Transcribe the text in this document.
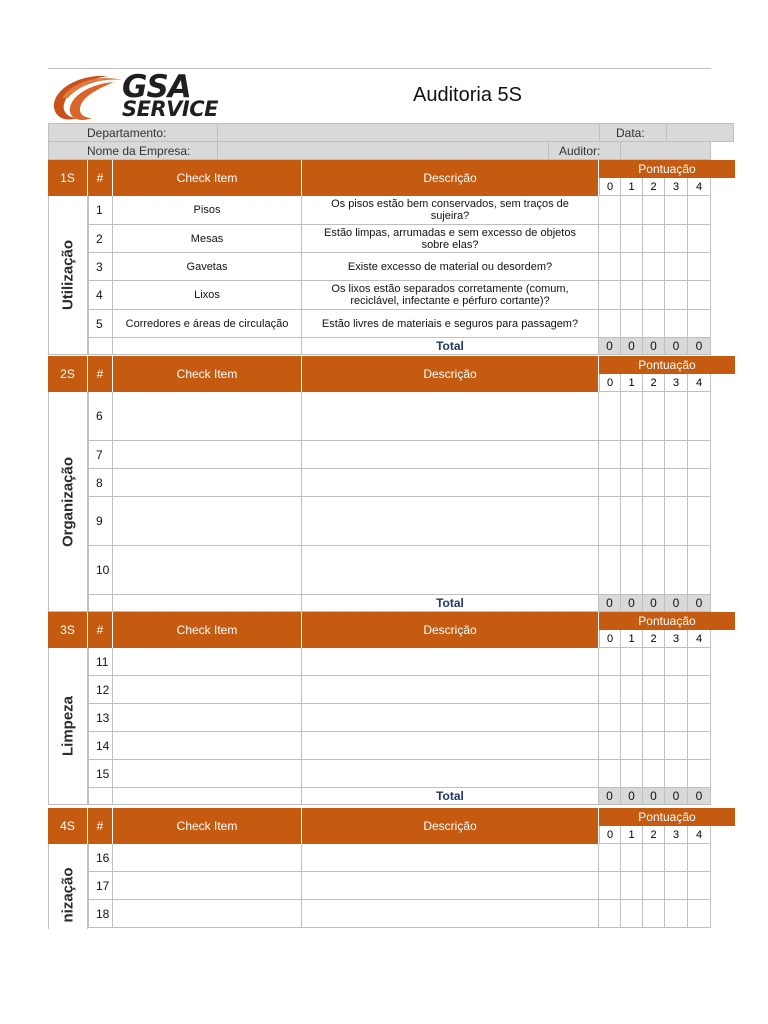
GSA
SERVICE
Auditoria 5S
Departamento:	Data:
Nome da Empresa:	Auditor:
1S	#	Check Item	Descrição
Pontuação
0	1	2	3	4
1	Pisos	Os pisos estão bem conservados, sem traços de sujeira?
2	Mesas	Estão limpas, arrumadas e sem excesso de objetos sobre elas?
3	Gavetas	Existe excesso de material ou desordem?
4	Lixos	Os lixos estão separados corretamente (comum, reciclável, infectante e pérfuro cortante)?
5	Corredores e áreas de circulação	Estão livres de materiais e seguros para passagem?
Total	0	0	0	0	0
Utilização
2S	#	Check Item	Descrição
Pontuação
0	1	2	3	4
6
7
8
9
10
Total	0	0	0	0	0
Organização
3S	#	Check Item	Descrição
Pontuação
0	1	2	3	4
11
12
13
14
15
Total	0	0	0	0	0
Limpeza
4S	#	Check Item	Descrição
Pontuação
0	1	2	3	4
16
17
18
nização
